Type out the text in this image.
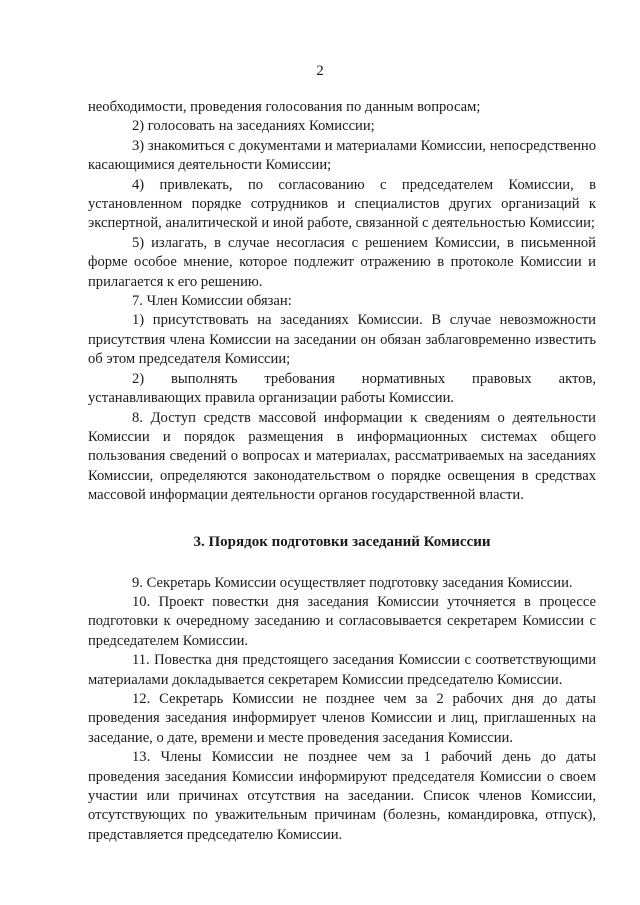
2

необходимости, проведения голосования по данным вопросам;

2) голосовать на заседаниях Комиссии;

3) знакомиться с документами и материалами Комиссии, непосредственно касающимися деятельности Комиссии;

4) привлекать, по согласованию с председателем Комиссии, в установленном порядке сотрудников и специалистов других организаций к экспертной, аналитической и иной работе, связанной с деятельностью Комиссии;

5) излагать, в случае несогласия с решением Комиссии, в письменной форме особое мнение, которое подлежит отражению в протоколе Комиссии и прилагается к его решению.

7. Член Комиссии обязан:

1) присутствовать на заседаниях Комиссии. В случае невозможности присутствия члена Комиссии на заседании он обязан заблаговременно известить об этом председателя Комиссии;

2) выполнять требования нормативных правовых актов, устанавливающих правила организации работы Комиссии.

8. Доступ средств массовой информации к сведениям о деятельности Комиссии и порядок размещения в информационных системах общего пользования сведений о вопросах и материалах, рассматриваемых на заседаниях Комиссии, определяются законодательством о порядке освещения в средствах массовой информации деятельности органов государственной власти.

3. Порядок подготовки заседаний Комиссии

9. Секретарь Комиссии осуществляет подготовку заседания Комиссии.

10. Проект повестки дня заседания Комиссии уточняется в процессе подготовки к очередному заседанию и согласовывается секретарем Комиссии с председателем Комиссии.

11. Повестка дня предстоящего заседания Комиссии с соответствующими материалами докладывается секретарем Комиссии председателю Комиссии.

12. Секретарь Комиссии не позднее чем за 2 рабочих дня до даты проведения заседания информирует членов Комиссии и лиц, приглашенных на заседание, о дате, времени и месте проведения заседания Комиссии.

13. Члены Комиссии не позднее чем за 1 рабочий день до даты проведения заседания Комиссии информируют председателя Комиссии о своем участии или причинах отсутствия на заседании. Список членов Комиссии, отсутствующих по уважительным причинам (болезнь, командировка, отпуск), представляется председателю Комиссии.
